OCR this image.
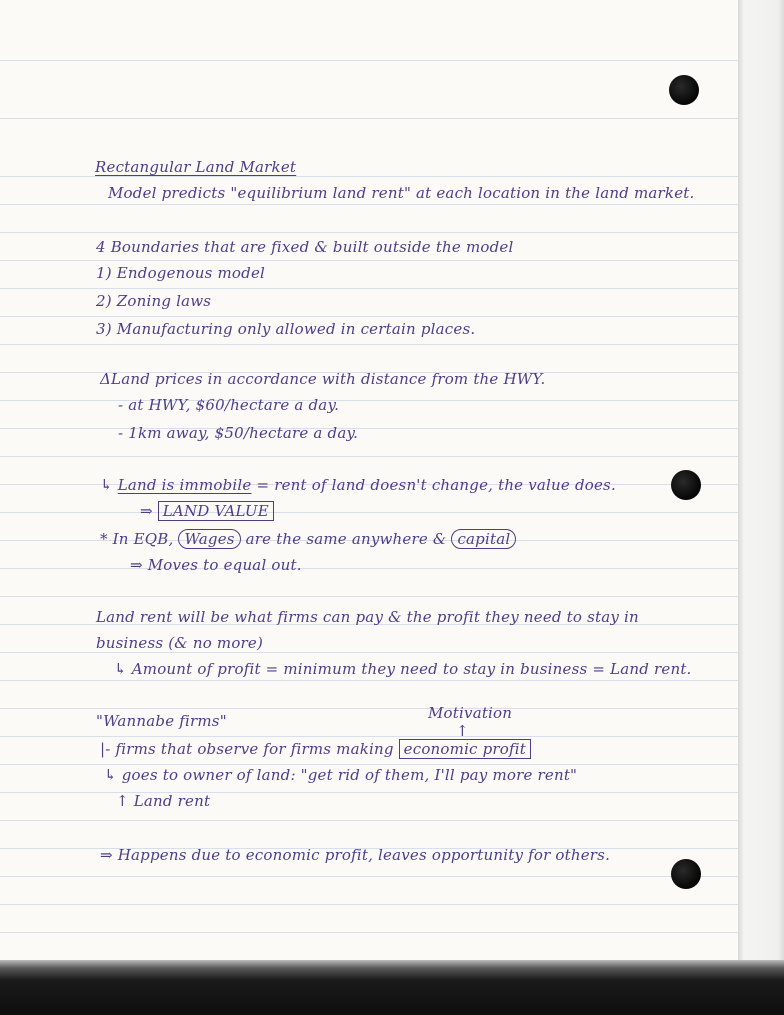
Rectangular Land Market
Model predicts "equilibrium land rent" at each location in the land market.
4 Boundaries that are fixed & built outside the model
1) Endogenous model
2) Zoning laws
3) Manufacturing only allowed in certain places.
ΔLand prices in accordance with distance from the HWY.
- at HWY, $60/hectare a day.
- 1km away, $50/hectare a day.
↳ Land is immobile = rent of land doesn't change, the value does.
⇒ LAND VALUE
* In EQB, Wages are the same anywhere & capital
⇒ Moves to equal out.
Land rent will be what firms can pay & the profit they need to stay in
business (& no more)
↳ Amount of profit = minimum they need to stay in business = Land rent.
Motivation
"Wannabe firms"
↑
|- firms that observe for firms making economic profit
↳ goes to owner of land: "get rid of them, I'll pay more rent"
↑ Land rent
⇒ Happens due to economic profit, leaves opportunity for others.
